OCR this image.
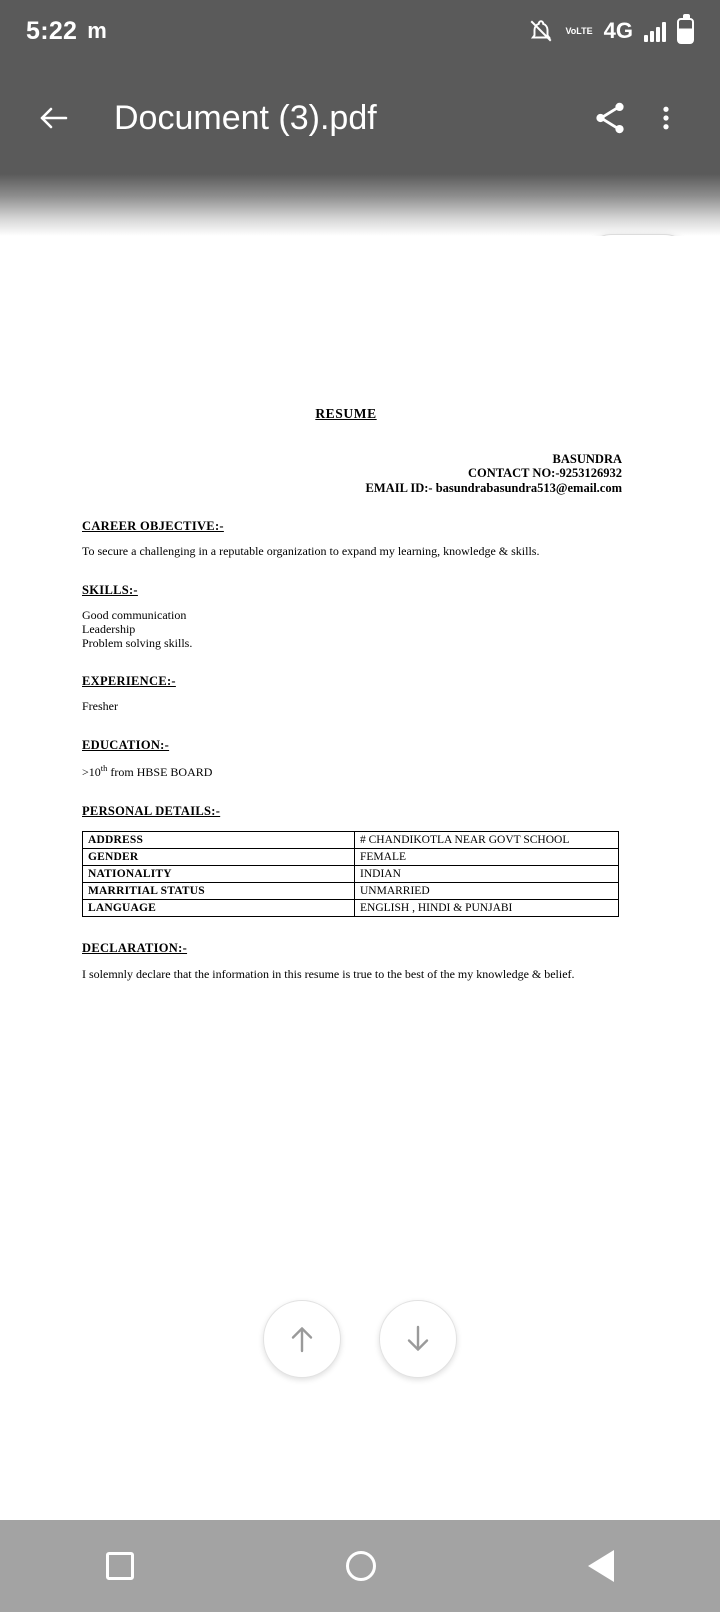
5:22 m	Vo LTE 4G
Document (3).pdf
RESUME
BASUNDRA
CONTACT NO:-9253126932
EMAIL ID:- basundrabasundra513@email.com
CAREER OBJECTIVE:-
To secure a challenging in a reputable organization to expand my learning, knowledge & skills.
SKILLS:-
Good communication
Leadership
Problem solving skills.
EXPERIENCE:-
Fresher
EDUCATION:-
>10th from HBSE BOARD
PERSONAL DETAILS:-
ADDRESS	# CHANDIKOTLA NEAR GOVT SCHOOL
GENDER	FEMALE
NATIONALITY	INDIAN
MARRITIAL STATUS	UNMARRIED
LANGUAGE	ENGLISH , HINDI & PUNJABI
DECLARATION:-
I solemnly declare that the information in this resume is true to the best of the my knowledge & belief.
